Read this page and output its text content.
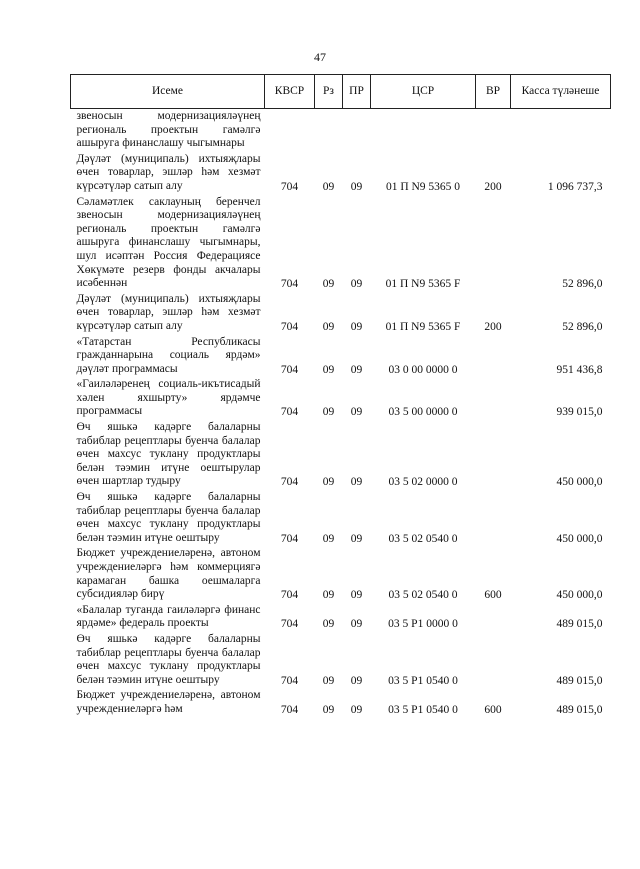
47
Исеме	КВСР	Рз	ПР	ЦСР	ВР	Касса түләнеше
звеносын модернизацияләүнең региональ проектын гамәлгә ашыруга финанслашу чыгымнары						
Дәүләт (муниципаль) ихтыяҗлары өчен товарлар, эшләр һәм хезмәт күрсәтүләр сатып алу	704	09	09	01 П N9 5365 0	200	1 096 737,3
Сәламәтлек саклауның беренчел звеносын модернизацияләүнең региональ проектын гамәлгә ашыруга финанслашу чыгымнары, шул исәптән Россия Федерациясе Хөкүмәте резерв фонды акчалары исәбеннән	704	09	09	01 П N9 5365 F		52 896,0
Дәүләт (муниципаль) ихтыяҗлары өчен товарлар, эшләр һәм хезмәт күрсәтүләр сатып алу	704	09	09	01 П N9 5365 F	200	52 896,0
«Татарстан Республикасы гражданнарына социаль ярдәм» дәүләт программасы	704	09	09	03 0 00 0000 0		951 436,8
«Гаиләләренең социаль-икътисадый хәлен яхшырту» ярдәмче программасы	704	09	09	03 5 00 0000 0		939 015,0
Өч яшькә кадәрге балаларны табиблар рецептлары буенча балалар өчен махсус туклану продуктлары белән тәэмин итүне оештырулар өчен шартлар тудыру	704	09	09	03 5 02 0000 0		450 000,0
Өч яшькә кадәрге балаларны табиблар рецептлары буенча балалар өчен махсус туклану продуктлары белән тәэмин итүне оештыру	704	09	09	03 5 02 0540 0		450 000,0
Бюджет учреждениеләренә, автоном учреждениеләргә һәм коммерциягә карамаган башка оешмаларга субсидияләр бирү	704	09	09	03 5 02 0540 0	600	450 000,0
«Балалар туганда гаиләләргә финанс ярдәме» федераль проекты	704	09	09	03 5 P1 0000 0		489 015,0
Өч яшькә кадәрге балаларны табиблар рецептлары буенча балалар өчен махсус туклану продуктлары белән тәэмин итүне оештыру	704	09	09	03 5 P1 0540 0		489 015,0
Бюджет учреждениеләренә, автоном учреждениеләргә һәм	704	09	09	03 5 P1 0540 0	600	489 015,0
